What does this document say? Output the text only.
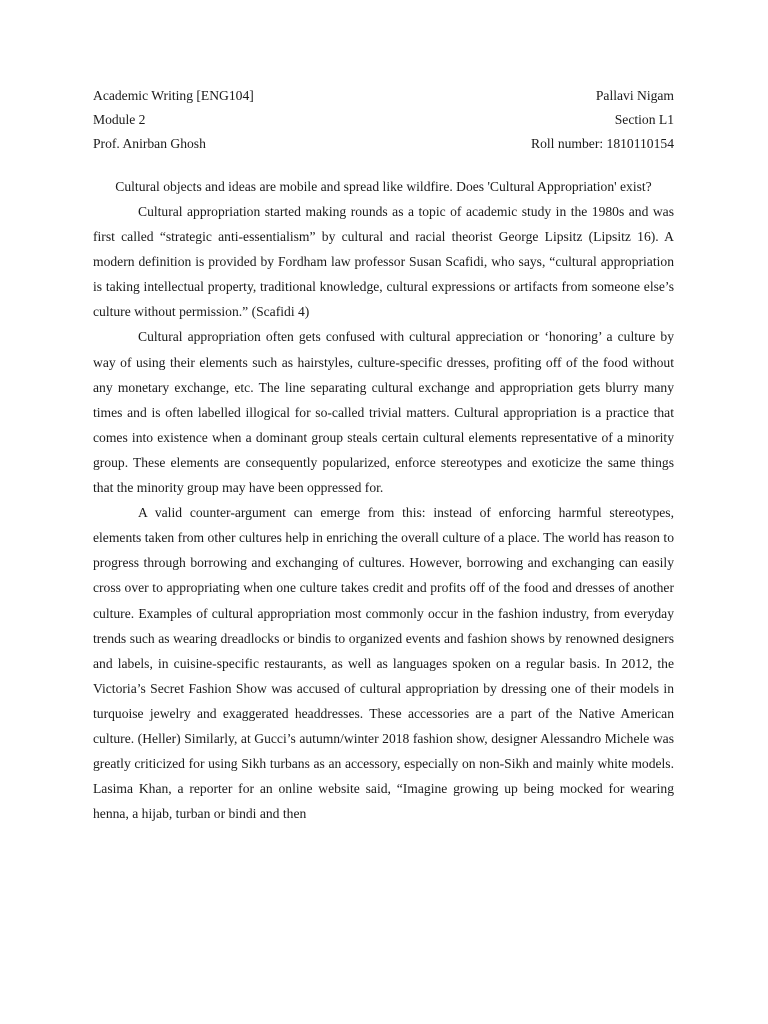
Academic Writing [ENG104]	Pallavi Nigam
Module 2	Section L1
Prof. Anirban Ghosh	Roll number: 1810110154
Cultural objects and ideas are mobile and spread like wildfire. Does 'Cultural Appropriation' exist?

Cultural appropriation started making rounds as a topic of academic study in the 1980s and was first called “strategic anti-essentialism” by cultural and racial theorist George Lipsitz (Lipsitz 16). A modern definition is provided by Fordham law professor Susan Scafidi, who says, “cultural appropriation is taking intellectual property, traditional knowledge, cultural expressions or artifacts from someone else’s culture without permission.” (Scafidi 4)

Cultural appropriation often gets confused with cultural appreciation or ‘honoring’ a culture by way of using their elements such as hairstyles, culture-specific dresses, profiting off of the food without any monetary exchange, etc. The line separating cultural exchange and appropriation gets blurry many times and is often labelled illogical for so-called trivial matters. Cultural appropriation is a practice that comes into existence when a dominant group steals certain cultural elements representative of a minority group. These elements are consequently popularized, enforce stereotypes and exoticize the same things that the minority group may have been oppressed for.

A valid counter-argument can emerge from this: instead of enforcing harmful stereotypes, elements taken from other cultures help in enriching the overall culture of a place. The world has reason to progress through borrowing and exchanging of cultures. However, borrowing and exchanging can easily cross over to appropriating when one culture takes credit and profits off of the food and dresses of another culture. Examples of cultural appropriation most commonly occur in the fashion industry, from everyday trends such as wearing dreadlocks or bindis to organized events and fashion shows by renowned designers and labels, in cuisine-specific restaurants, as well as languages spoken on a regular basis. In 2012, the Victoria’s Secret Fashion Show was accused of cultural appropriation by dressing one of their models in turquoise jewelry and exaggerated headdresses. These accessories are a part of the Native American culture. (Heller) Similarly, at Gucci’s autumn/winter 2018 fashion show, designer Alessandro Michele was greatly criticized for using Sikh turbans as an accessory, especially on non-Sikh and mainly white models. Lasima Khan, a reporter for an online website said, “Imagine growing up being mocked for wearing henna, a hijab, turban or bindi and then
